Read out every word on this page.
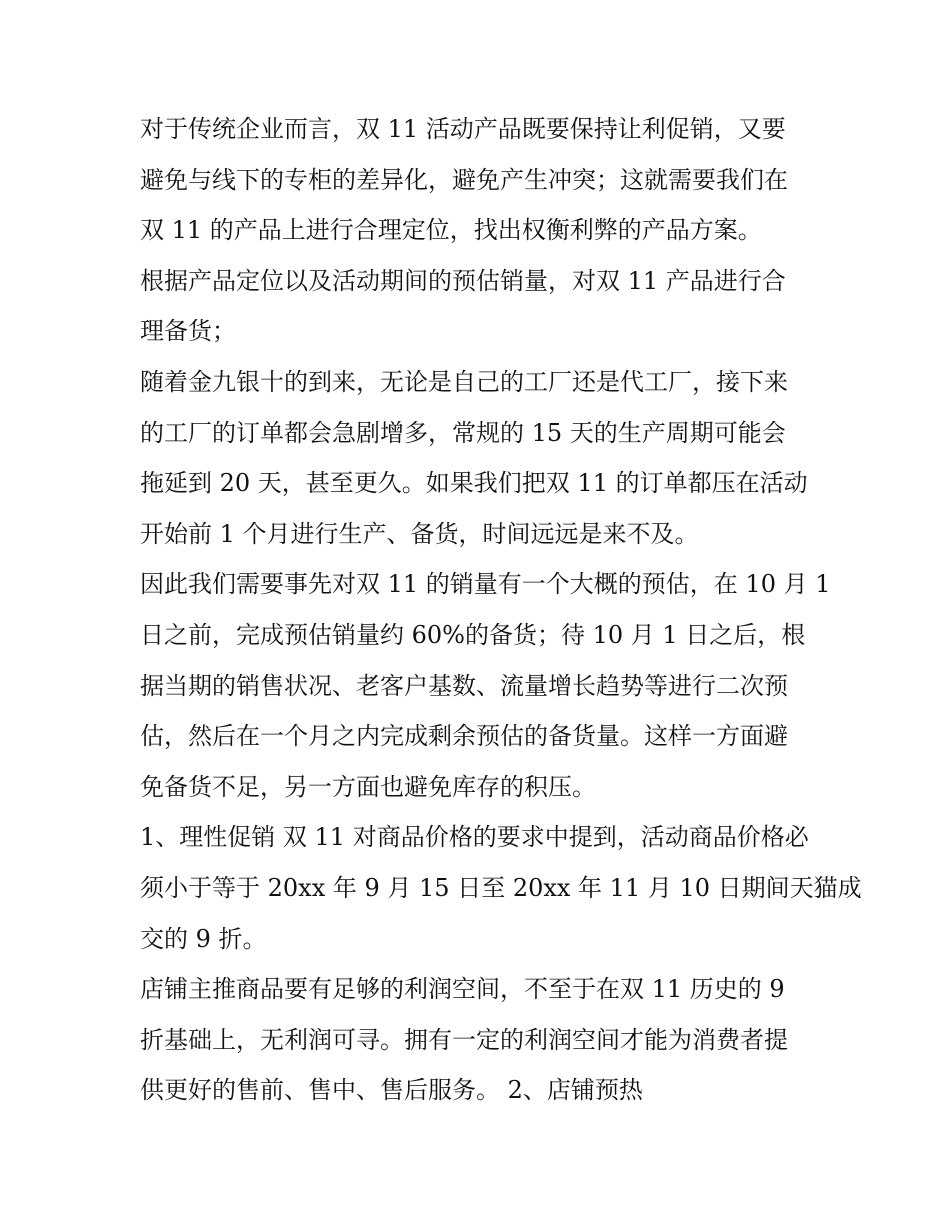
对于传统企业而言，双 11 活动产品既要保持让利促销，又要
避免与线下的专柜的差异化，避免产生冲突；这就需要我们在
双 11 的产品上进行合理定位，找出权衡利弊的产品方案。

根据产品定位以及活动期间的预估销量，对双 11 产品进行合
理备货；

随着金九银十的到来，无论是自己的工厂还是代工厂，接下来
的工厂的订单都会急剧增多，常规的 15 天的生产周期可能会
拖延到 20 天，甚至更久。如果我们把双 11 的订单都压在活动
开始前 1 个月进行生产、备货，时间远远是来不及。

因此我们需要事先对双 11 的销量有一个大概的预估，在 10 月 1
日之前，完成预估销量约 60%的备货；待 10 月 1 日之后，根
据当期的销售状况、老客户基数、流量增长趋势等进行二次预
估，然后在一个月之内完成剩余预估的备货量。这样一方面避
免备货不足，另一方面也避免库存的积压。

1、理性促销 双 11 对商品价格的要求中提到，活动商品价格必
须小于等于 20xx 年 9 月 15 日至 20xx 年 11 月 10 日期间天猫成
交的 9 折。

店铺主推商品要有足够的利润空间，不至于在双 11 历史的 9
折基础上，无利润可寻。拥有一定的利润空间才能为消费者提
供更好的售前、售中、售后服务。 2、店铺预热
